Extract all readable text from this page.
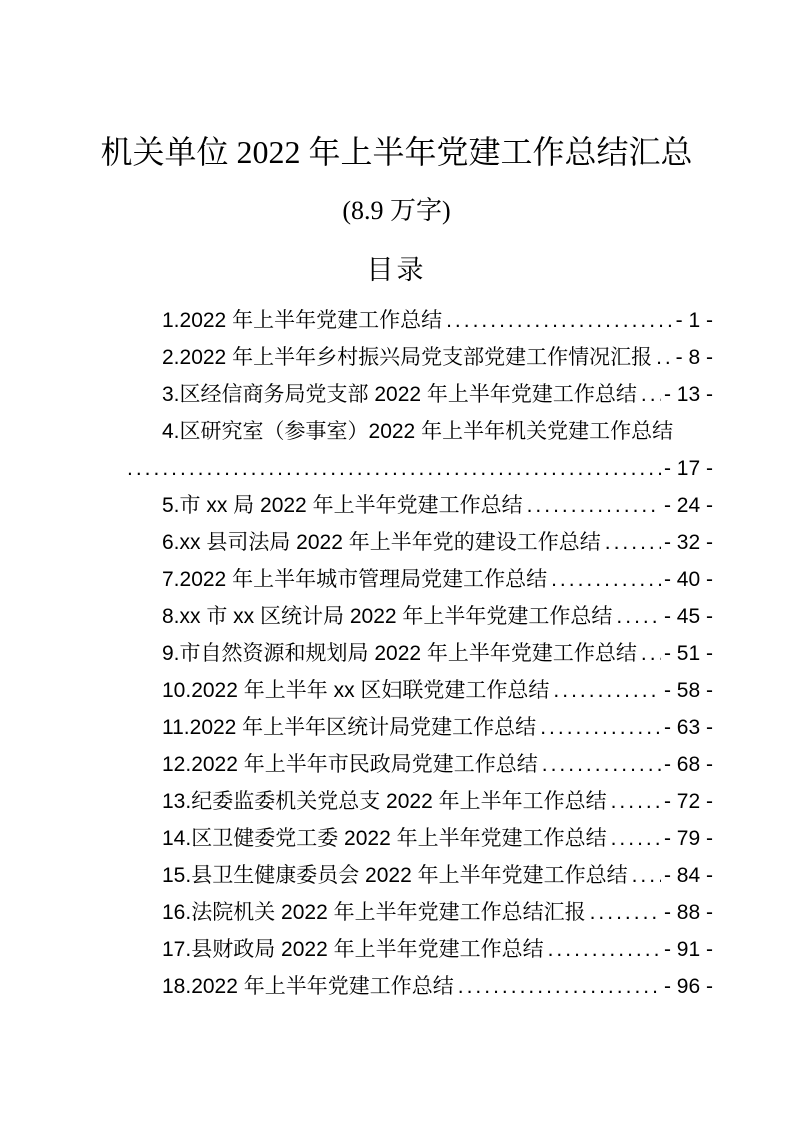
机关单位 2022 年上半年党建工作总结汇总
(8.9 万字)
目录
1.2022 年上半年党建工作总结 .....	- 1 -
2.2022 年上半年乡村振兴局党支部党建工作情况汇报 ..... - 8 -
3.区经信商务局党支部 2022 年上半年党建工作总结 ..... - 13 -
4.区研究室（参事室）2022 年上半年机关党建工作总结
.....
- 17 -
5.市 xx 局 2022 年上半年党建工作总结 .....	- 24 -
6.xx 县司法局 2022 年上半年党的建设工作总结 .....	- 32 -
7.2022 年上半年城市管理局党建工作总结 .....	- 40 -
8.xx 市 xx 区统计局 2022 年上半年党建工作总结 ..... - 45 -
9.市自然资源和规划局 2022 年上半年党建工作总结 ..... - 51 -
10.2022 年上半年 xx 区妇联党建工作总结 .....	- 58 -
11.2022 年上半年区统计局党建工作总结 .....	- 63 -
12.2022 年上半年市民政局党建工作总结 .....	- 68 -
13.纪委监委机关党总支 2022 年上半年工作总结 .....	- 72 -
14.区卫健委党工委 2022 年上半年党建工作总结 .....	- 79 -
15.县卫生健康委员会 2022 年上半年党建工作总结 ..... - 84 -
16.法院机关 2022 年上半年党建工作总结汇报 .....	- 88 -
17.县财政局 2022 年上半年党建工作总结 .....	- 91 -
18.2022 年上半年党建工作总结 .....	- 96 -
